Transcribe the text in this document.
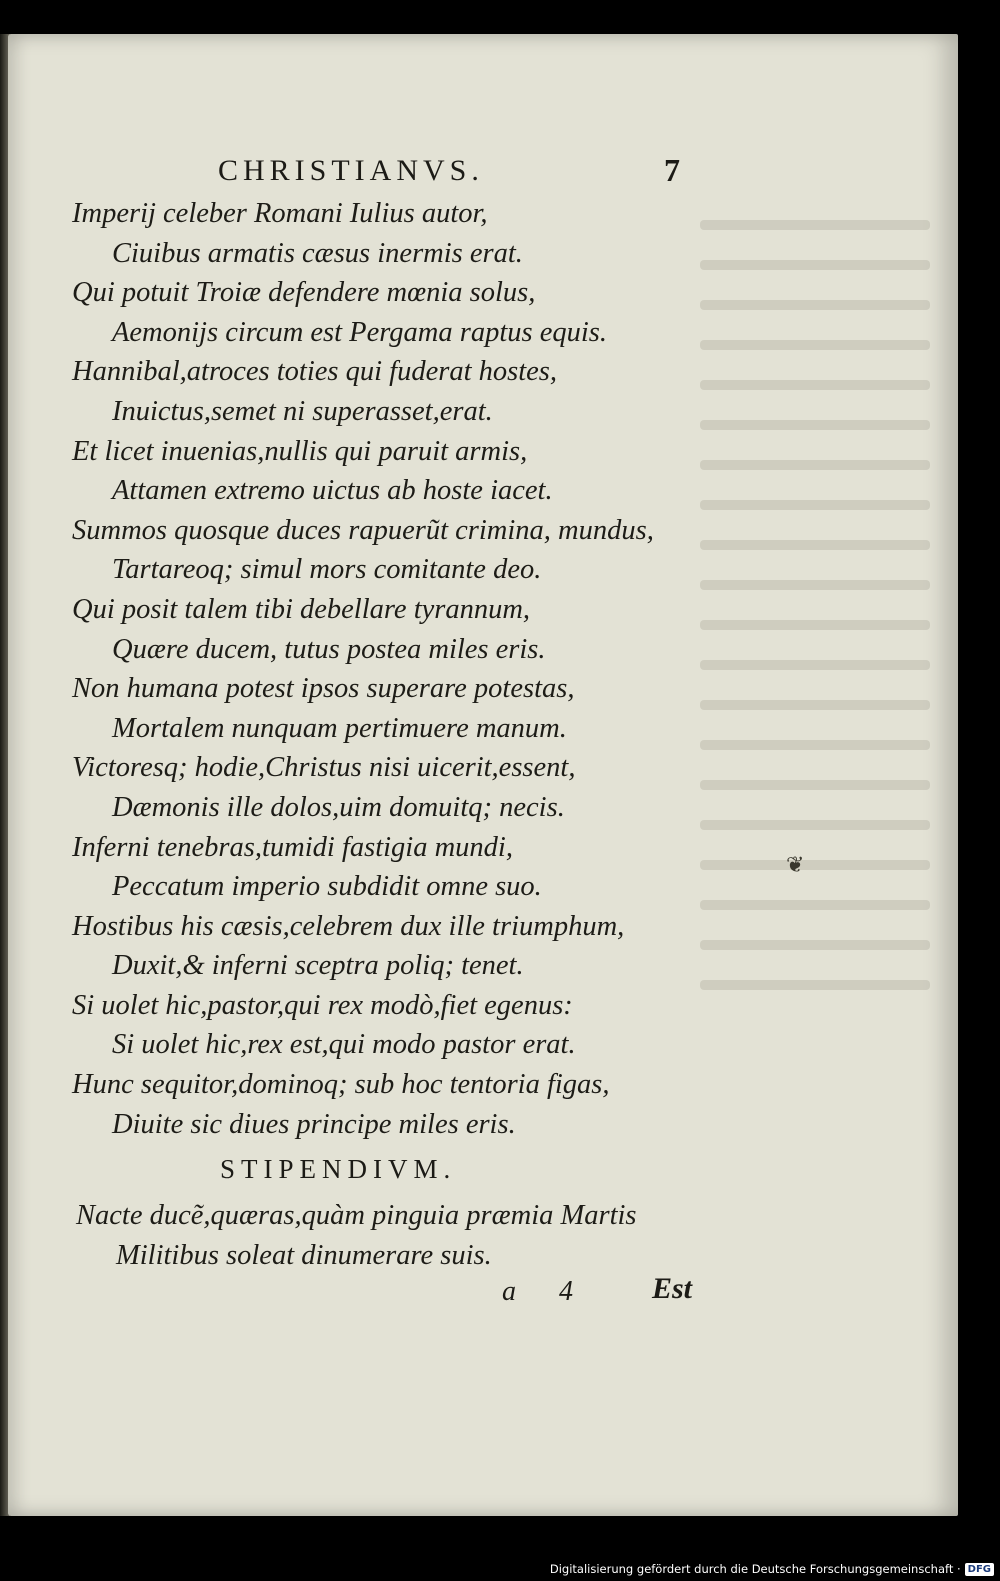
CHRISTIANVS.	7
Imperij celeber Romani Iulius autor,
Ciuibus armatis cæsus inermis erat.
Qui potuit Troiæ defendere mœnia solus,
Aemonijs circum est Pergama raptus equis.
Hannibal,atroces toties qui fuderat hostes,
Inuictus,semet ni superasset,erat.
Et licet inuenias,nullis qui paruit armis,
Attamen extremo uictus ab hoste iacet.
Summos quosque duces rapuerũt crimina, mundus,
Tartareoq; simul mors comitante deo.
Qui posit talem tibi debellare tyrannum,
Quære ducem, tutus postea miles eris.
Non humana potest ipsos superare potestas,
Mortalem nunquam pertimuere manum.
Victoresq; hodie,Christus nisi uicerit,essent,
Dæmonis ille dolos,uim domuitq; necis.
Inferni tenebras,tumidi fastigia mundi,
Peccatum imperio subdidit omne suo.
Hostibus his cæsis,celebrem dux ille triumphum,
Duxit,& inferni sceptra poliq; tenet.
Si uolet hic,pastor,qui rex modò,fiet egenus:
Si uolet hic,rex est,qui modo pastor erat.
Hunc sequitor,dominoq; sub hoc tentoria figas,
Diuite sic diues principe miles eris.
STIPENDIVM.
Nacte ducẽ,quæras,quàm pinguia præmia Martis
Militibus soleat dinumerare suis.
a 4 Est
❦
Digitalisierung gefördert durch die Deutsche Forschungsgemeinschaft · DFG
